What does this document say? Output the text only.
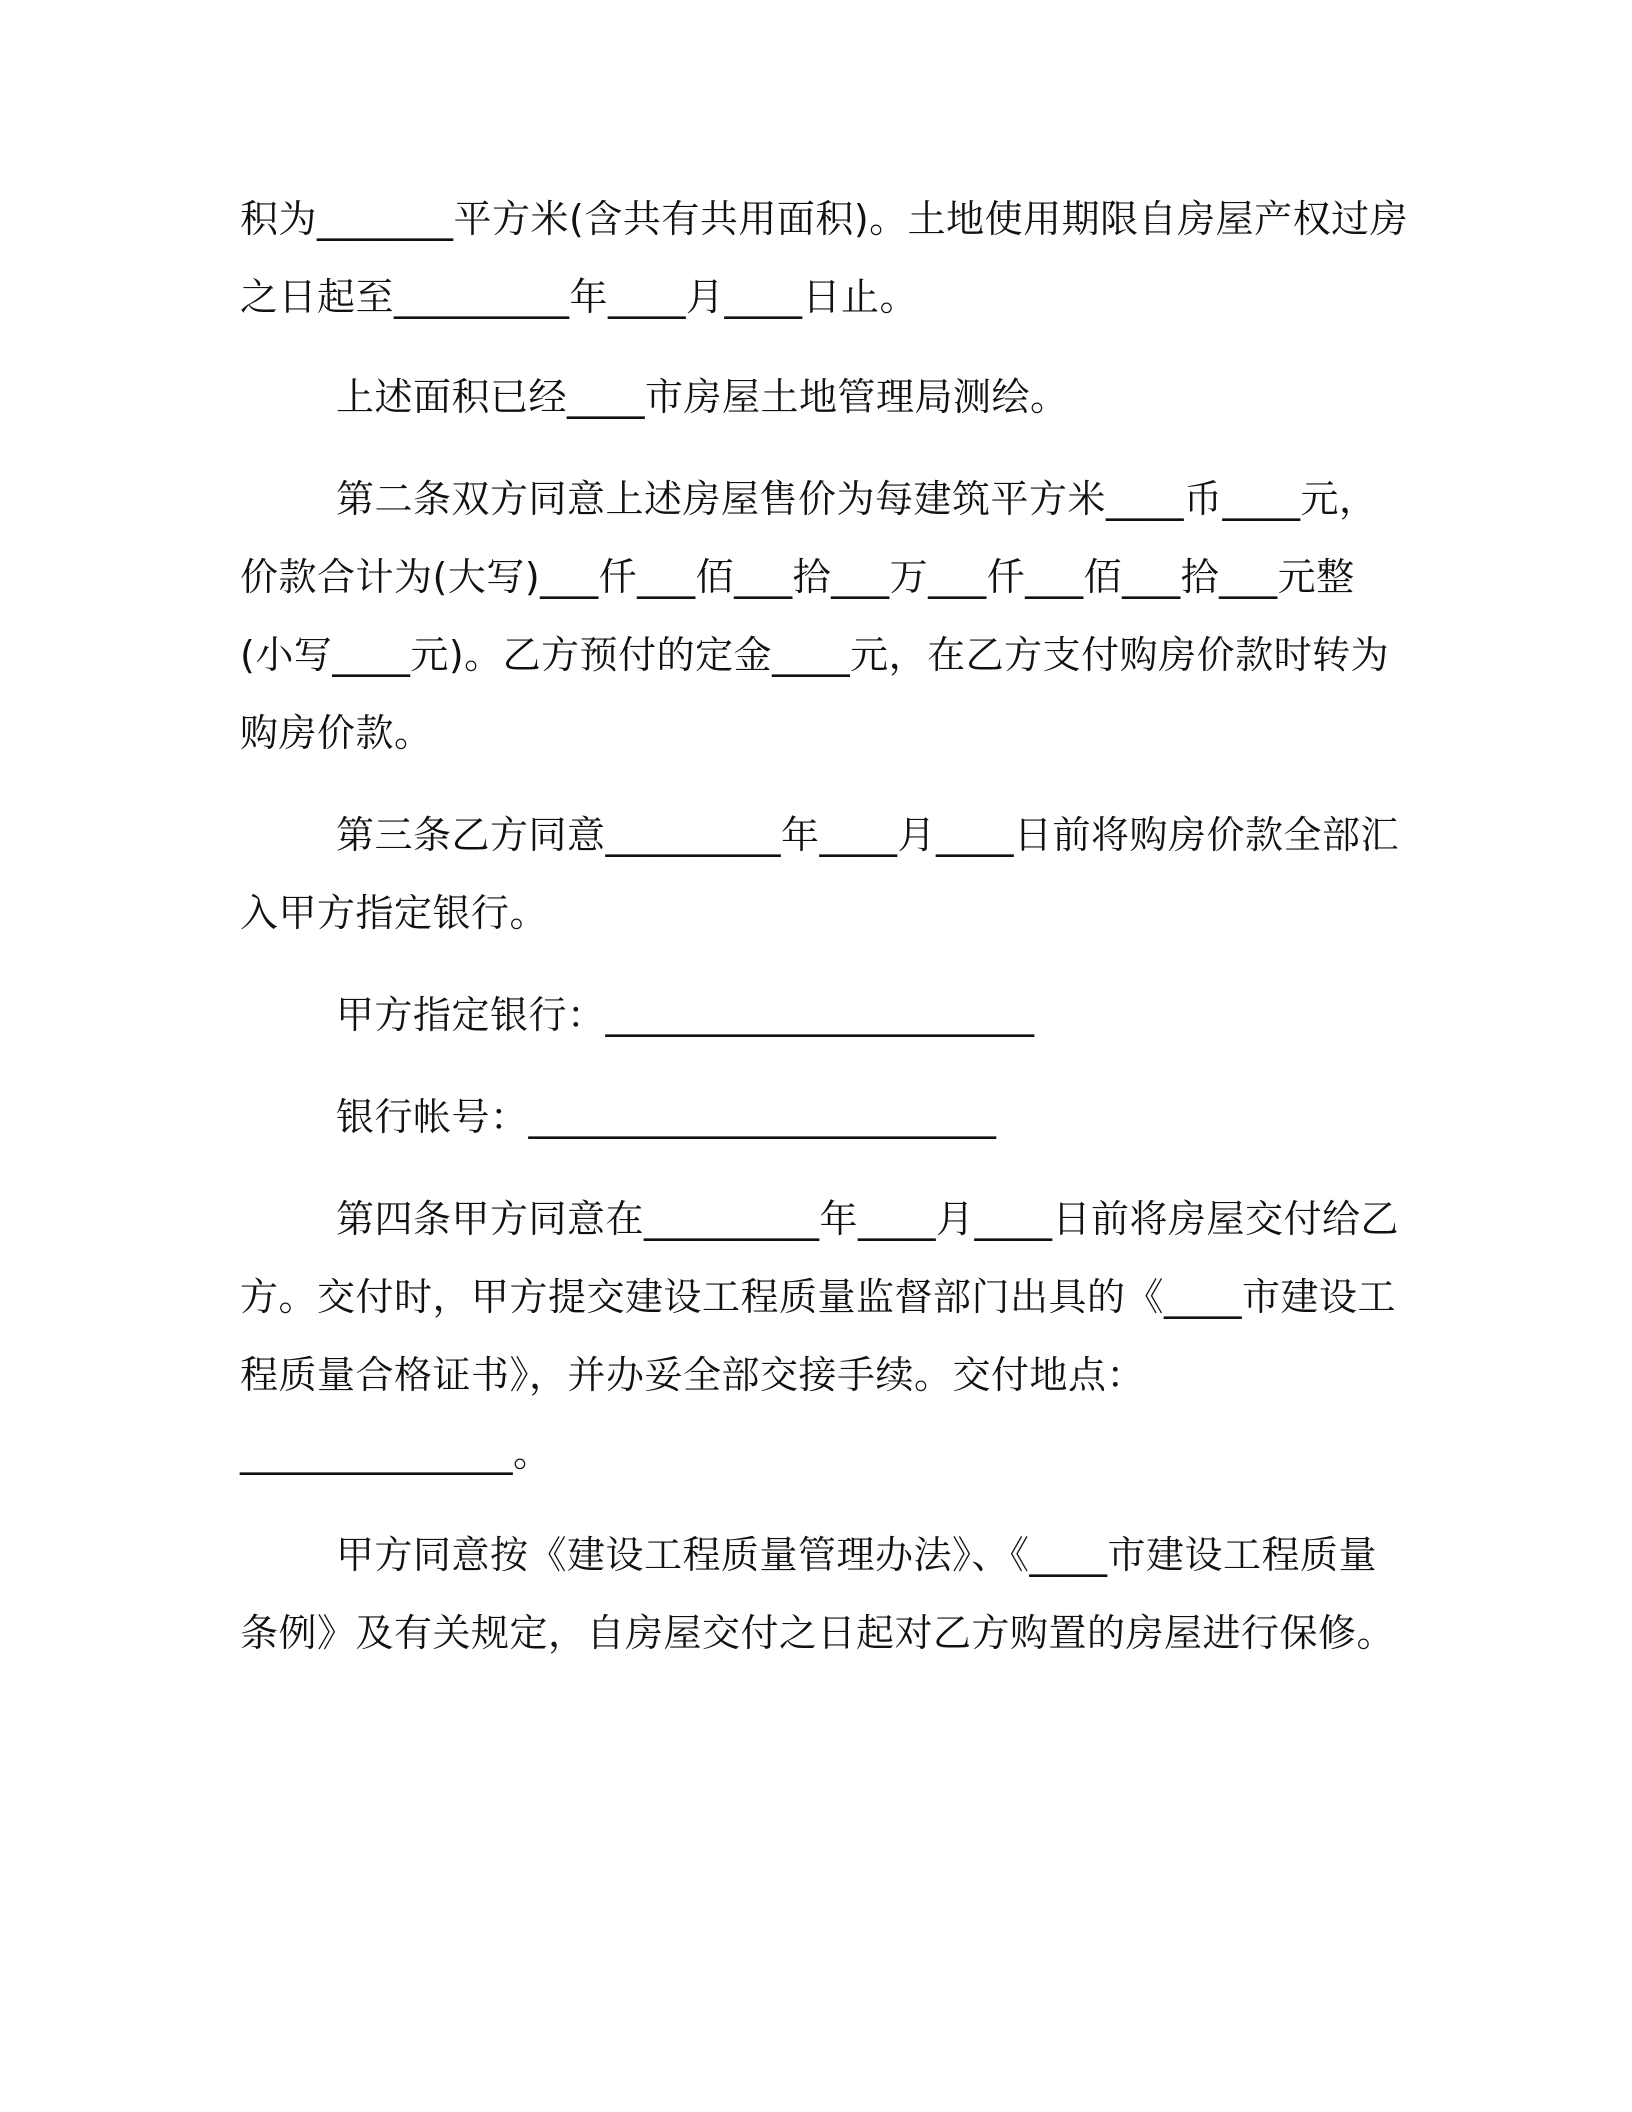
积为_______平方米(含共有共用面积)。土地使用期限自房屋产权过房

之日起至_________年____月____日止。

上述面积已经____市房屋土地管理局测绘。

第二条双方同意上述房屋售价为每建筑平方米____币____元，

价款合计为(大写)___仟___佰___拾___万___仟___佰___拾___元整

(小写____元)。乙方预付的定金____元，在乙方支付购房价款时转为

购房价款。

第三条乙方同意_________年____月____日前将购房价款全部汇

入甲方指定银行。

甲方指定银行：______________________

银行帐号：________________________

第四条甲方同意在_________年____月____日前将房屋交付给乙

方。交付时，甲方提交建设工程质量监督部门出具的《____市建设工

程质量合格证书》，并办妥全部交接手续。交付地点：

______________。

甲方同意按《建设工程质量管理办法》、《____市建设工程质量

条例》及有关规定，自房屋交付之日起对乙方购置的房屋进行保修。
